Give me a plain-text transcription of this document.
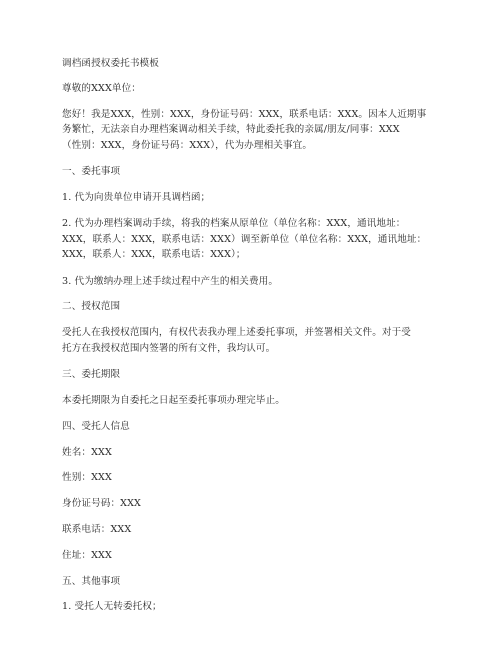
调档函授权委托书模板
尊敬的XXX单位：
您好！我是XXX，性别：XXX，身份证号码：XXX，联系电话：XXX。因本人近期事
务繁忙，无法亲自办理档案调动相关手续，特此委托我的亲属/朋友/同事：XXX
（性别：XXX，身份证号码：XXX），代为办理相关事宜。
一、委托事项
1. 代为向贵单位申请开具调档函；
2. 代为办理档案调动手续，将我的档案从原单位（单位名称：XXX，通讯地址：
XXX，联系人：XXX，联系电话：XXX）调至新单位（单位名称：XXX，通讯地址：
XXX，联系人：XXX，联系电话：XXX）；
3. 代为缴纳办理上述手续过程中产生的相关费用。
二、授权范围
受托人在我授权范围内，有权代表我办理上述委托事项，并签署相关文件。对于受
托方在我授权范围内签署的所有文件，我均认可。
三、委托期限
本委托期限为自委托之日起至委托事项办理完毕止。
四、受托人信息
姓名：XXX
性别：XXX
身份证号码：XXX
联系电话：XXX
住址：XXX
五、其他事项
1. 受托人无转委托权；
